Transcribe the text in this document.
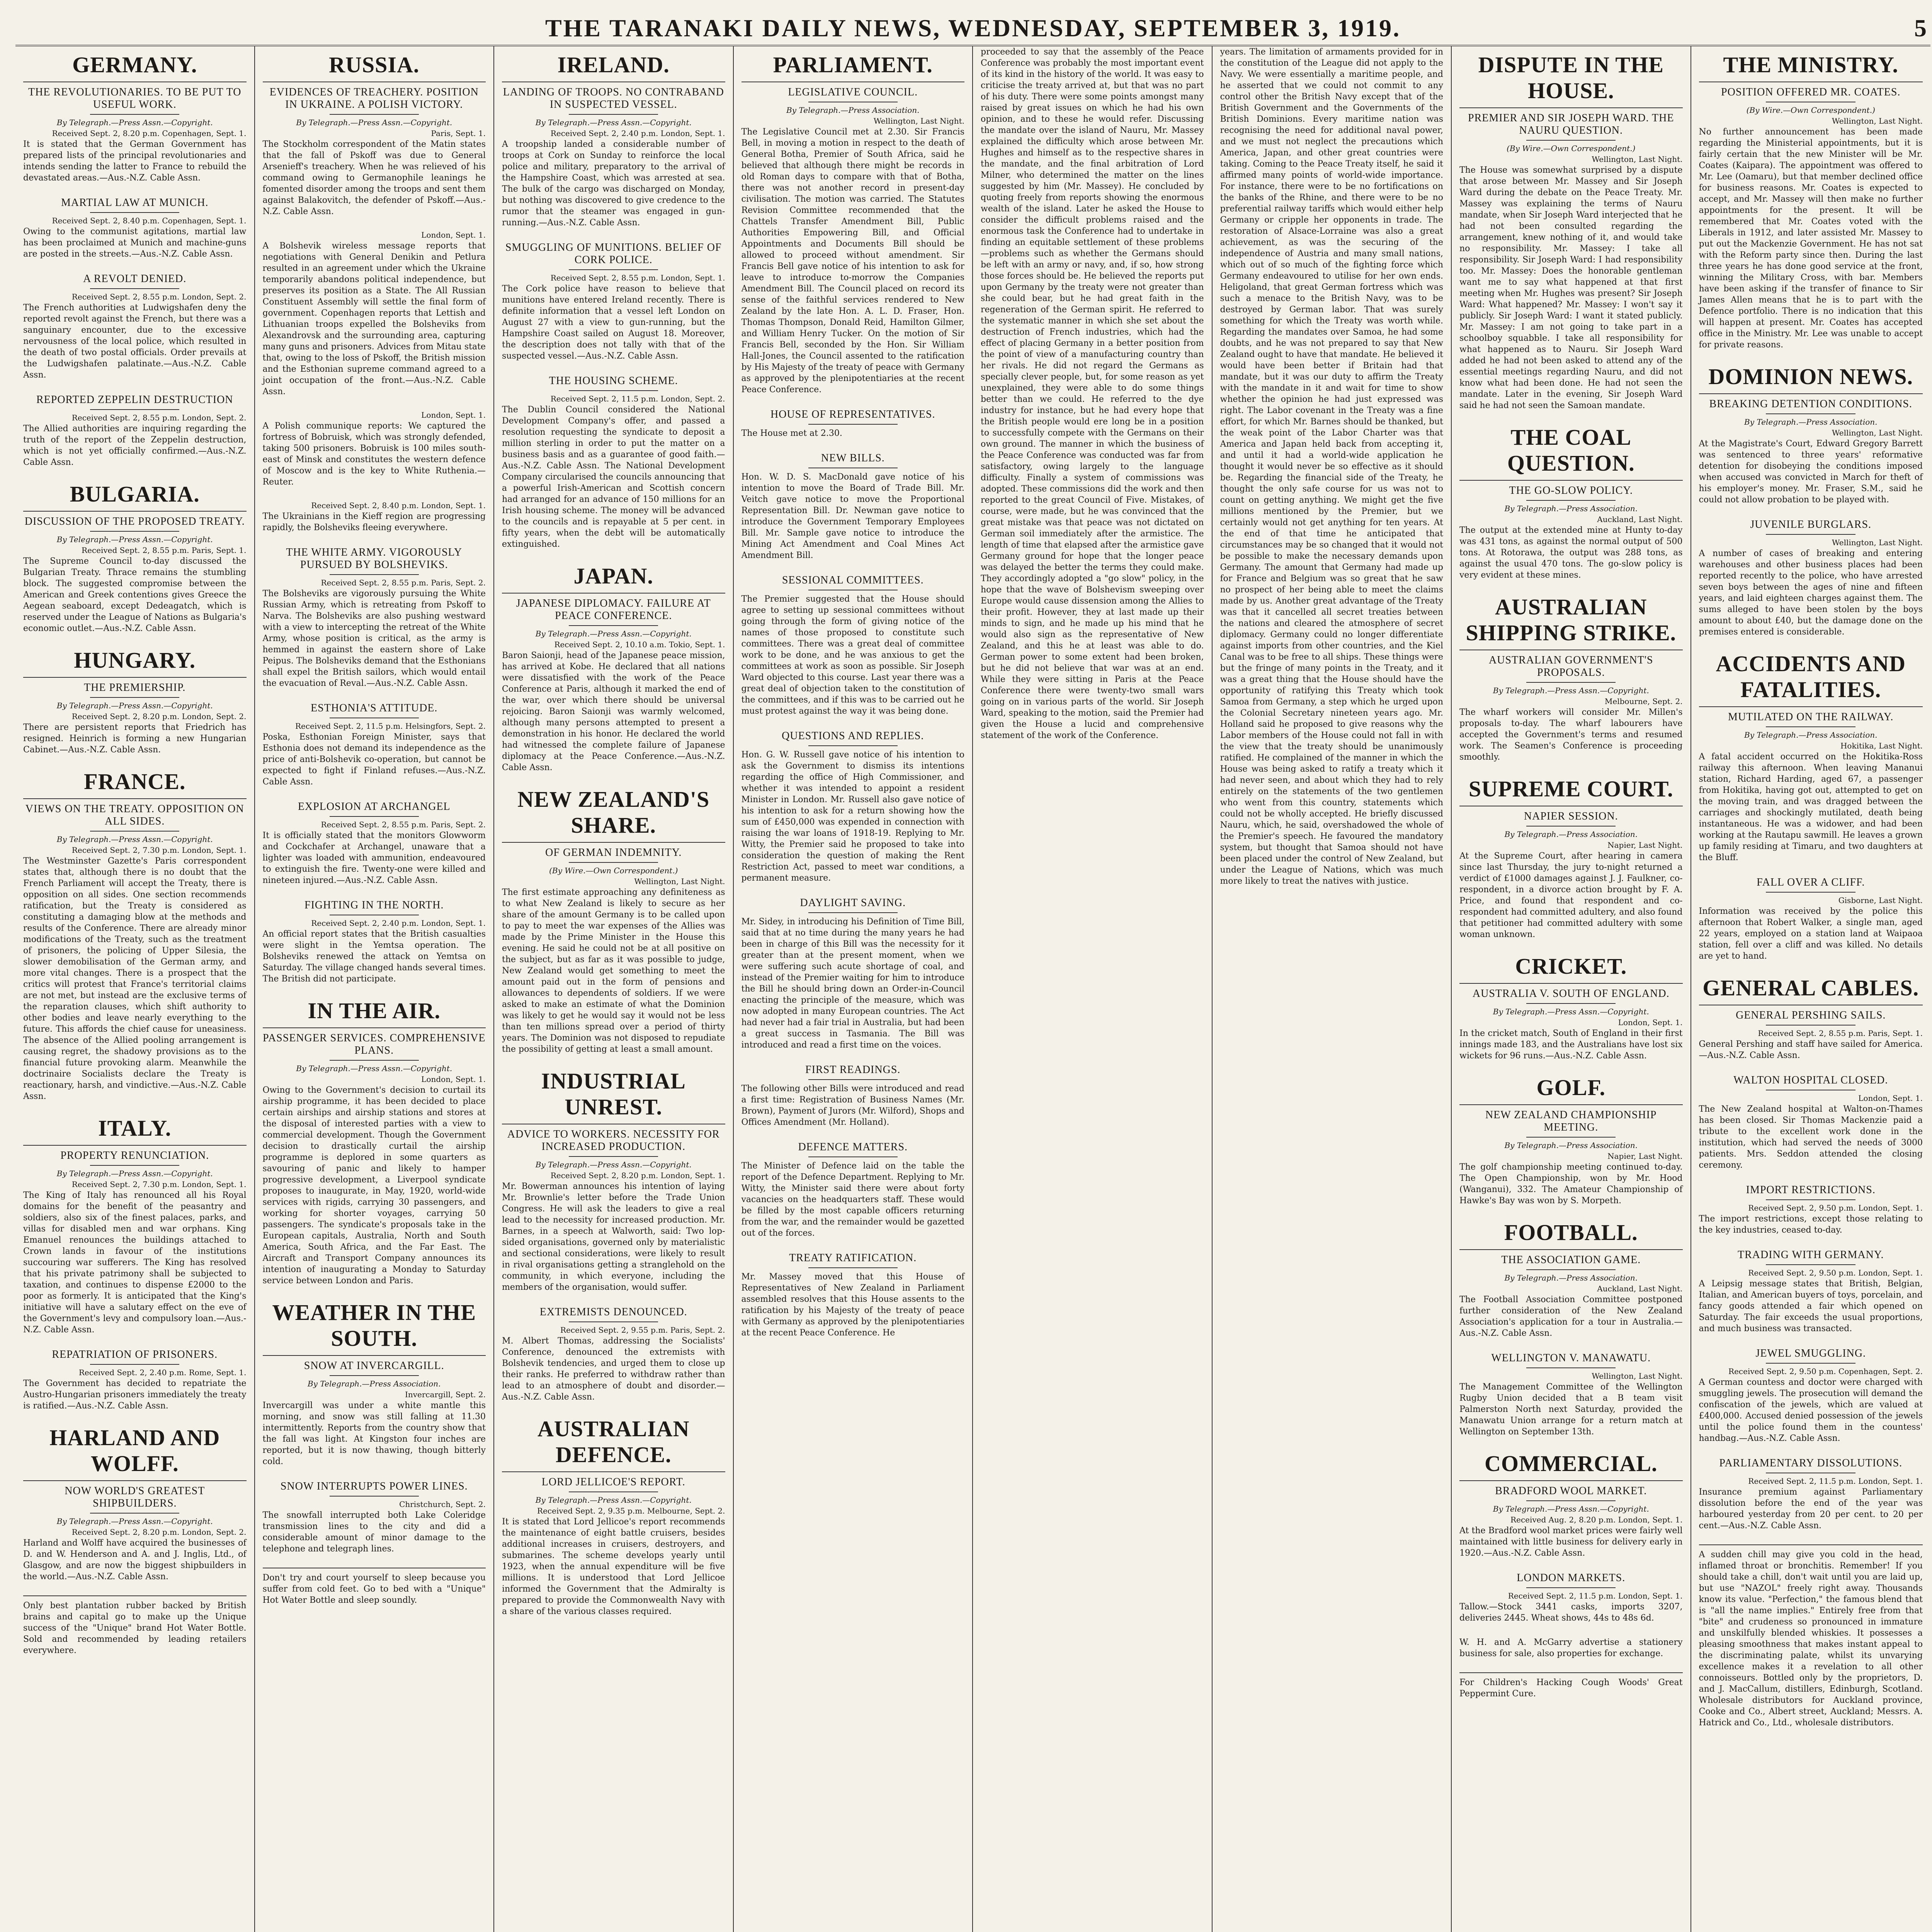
THE TARANAKI DAILY NEWS, WEDNESDAY, SEPTEMBER 3, 1919.	5
GERMANY.
THE REVOLUTIONARIES. TO BE PUT TO USEFUL WORK.
By Telegraph.—Press Assn.—Copyright.
Received Sept. 2, 8.20 p.m. Copenhagen, Sept. 1.
It is stated that the German Government has prepared lists of the principal revolutionaries and intends sending the latter to France to rebuild the devastated areas.—Aus.-N.Z. Cable Assn.
MARTIAL LAW AT MUNICH.
Received Sept. 2, 8.40 p.m. Copenhagen, Sept. 1.
Owing to the communist agitations, martial law has been proclaimed at Munich and machine-guns are posted in the streets.—Aus.-N.Z. Cable Assn.
A REVOLT DENIED.
Received Sept. 2, 8.55 p.m. London, Sept. 2.
The French authorities at Ludwigshafen deny the reported revolt against the French, but there was a sanguinary encounter, due to the excessive nervousness of the local police, which resulted in the death of two postal officials. Order prevails at the Ludwigshafen palatinate.—Aus.-N.Z. Cable Assn.
REPORTED ZEPPELIN DESTRUCTION
Received Sept. 2, 8.55 p.m. London, Sept. 2.
The Allied authorities are inquiring regarding the truth of the report of the Zeppelin destruction, which is not yet officially confirmed.—Aus.-N.Z. Cable Assn.
BULGARIA.
DISCUSSION OF THE PROPOSED TREATY.
By Telegraph.—Press Assn.—Copyright.
Received Sept. 2, 8.55 p.m. Paris, Sept. 1.
The Supreme Council to-day discussed the Bulgarian Treaty. Thrace remains the stumbling block. The suggested compromise between the American and Greek contentions gives Greece the Aegean seaboard, except Dedeagatch, which is reserved under the League of Nations as Bulgaria's economic outlet.—Aus.-N.Z. Cable Assn.
HUNGARY.
THE PREMIERSHIP.
By Telegraph.—Press Assn.—Copyright.
Received Sept. 2, 8.20 p.m. London, Sept. 2.
There are persistent reports that Friedrich has resigned. Heinrich is forming a new Hungarian Cabinet.—Aus.-N.Z. Cable Assn.
FRANCE.
VIEWS ON THE TREATY. OPPOSITION ON ALL SIDES.
By Telegraph.—Press Assn.—Copyright.
Received Sept. 2, 7.30 p.m. London, Sept. 1.
The Westminster Gazette's Paris correspondent states that, although there is no doubt that the French Parliament will accept the Treaty, there is opposition on all sides. One section recommends ratification, but the Treaty is considered as constituting a damaging blow at the methods and results of the Conference. There are already minor modifications of the Treaty, such as the treatment of prisoners, the policing of Upper Silesia, the slower demobilisation of the German army, and more vital changes. There is a prospect that the critics will protest that France's territorial claims are not met, but instead are the exclusive terms of the reparation clauses, which shift authority to other bodies and leave nearly everything to the future. This affords the chief cause for uneasiness. The absence of the Allied pooling arrangement is causing regret, the shadowy provisions as to the financial future provoking alarm. Meanwhile the doctrinaire Socialists declare the Treaty is reactionary, harsh, and vindictive.—Aus.-N.Z. Cable Assn.
ITALY.
PROPERTY RENUNCIATION.
By Telegraph.—Press Assn.—Copyright.
Received Sept. 2, 7.30 p.m. London, Sept. 1.
The King of Italy has renounced all his Royal domains for the benefit of the peasantry and soldiers, also six of the finest palaces, parks, and villas for disabled men and war orphans. King Emanuel renounces the buildings attached to Crown lands in favour of the institutions succouring war sufferers. The King has resolved that his private patrimony shall be subjected to taxation, and continues to dispense £2000 to the poor as formerly. It is anticipated that the King's initiative will have a salutary effect on the eve of the Government's levy and compulsory loan.—Aus.-N.Z. Cable Assn.
REPATRIATION OF PRISONERS.
Received Sept. 2, 2.40 p.m. Rome, Sept. 1.
The Government has decided to repatriate the Austro-Hungarian prisoners immediately the treaty is ratified.—Aus.-N.Z. Cable Assn.
HARLAND AND WOLFF.
NOW WORLD'S GREATEST SHIPBUILDERS.
By Telegraph.—Press Assn.—Copyright.
Received Sept. 2, 8.20 p.m. London, Sept. 2.
Harland and Wolff have acquired the businesses of D. and W. Henderson and A. and J. Inglis, Ltd., of Glasgow, and are now the biggest shipbuilders in the world.—Aus.-N.Z. Cable Assn.
Only best plantation rubber backed by British brains and capital go to make up the Unique success of the "Unique" brand Hot Water Bottle. Sold and recommended by leading retailers everywhere.
RUSSIA.
EVIDENCES OF TREACHERY. POSITION IN UKRAINE. A POLISH VICTORY.
By Telegraph.—Press Assn.—Copyright.
Paris, Sept. 1.
The Stockholm correspondent of the Matin states that the fall of Pskoff was due to General Arsenieff's treachery. When he was relieved of his command owing to Germanophile leanings he fomented disorder among the troops and sent them against Balakovitch, the defender of Pskoff.—Aus.-N.Z. Cable Assn.
London, Sept. 1.
A Bolshevik wireless message reports that negotiations with General Denikin and Petlura resulted in an agreement under which the Ukraine temporarily abandons political independence, but preserves its position as a State. The All Russian Constituent Assembly will settle the final form of government. Copenhagen reports that Lettish and Lithuanian troops expelled the Bolsheviks from Alexandrovsk and the surrounding area, capturing many guns and prisoners. Advices from Mitau state that, owing to the loss of Pskoff, the British mission and the Esthonian supreme command agreed to a joint occupation of the front.—Aus.-N.Z. Cable Assn.
London, Sept. 1.
A Polish communique reports: We captured the fortress of Bobruisk, which was strongly defended, taking 500 prisoners. Bobruisk is 100 miles south-east of Minsk and constitutes the western defence of Moscow and is the key to White Ruthenia.—Reuter.
Received Sept. 2, 8.40 p.m. London, Sept. 1.
The Ukrainians in the Kieff region are progressing rapidly, the Bolsheviks fleeing everywhere.
THE WHITE ARMY. VIGOROUSLY PURSUED BY BOLSHEVIKS.
Received Sept. 2, 8.55 p.m. Paris, Sept. 2.
The Bolsheviks are vigorously pursuing the White Russian Army, which is retreating from Pskoff to Narva. The Bolsheviks are also pushing westward with a view to intercepting the retreat of the White Army, whose position is critical, as the army is hemmed in against the eastern shore of Lake Peipus. The Bolsheviks demand that the Esthonians shall expel the British sailors, which would entail the evacuation of Reval.—Aus.-N.Z. Cable Assn.
ESTHONIA'S ATTITUDE.
Received Sept. 2, 11.5 p.m. Helsingfors, Sept. 2.
Poska, Esthonian Foreign Minister, says that Esthonia does not demand its independence as the price of anti-Bolshevik co-operation, but cannot be expected to fight if Finland refuses.—Aus.-N.Z. Cable Assn.
EXPLOSION AT ARCHANGEL
Received Sept. 2, 8.55 p.m. Paris, Sept. 2.
It is officially stated that the monitors Glowworm and Cockchafer at Archangel, unaware that a lighter was loaded with ammunition, endeavoured to extinguish the fire. Twenty-one were killed and nineteen injured.—Aus.-N.Z. Cable Assn.
FIGHTING IN THE NORTH.
Received Sept. 2, 2.40 p.m. London, Sept. 1.
An official report states that the British casualties were slight in the Yemtsa operation. The Bolsheviks renewed the attack on Yemtsa on Saturday. The village changed hands several times. The British did not participate.
IN THE AIR.
PASSENGER SERVICES. COMPREHENSIVE PLANS.
By Telegraph.—Press Assn.—Copyright.
London, Sept. 1.
Owing to the Government's decision to curtail its airship programme, it has been decided to place certain airships and airship stations and stores at the disposal of interested parties with a view to commercial development. Though the Government decision to drastically curtail the airship programme is deplored in some quarters as savouring of panic and likely to hamper progressive development, a Liverpool syndicate proposes to inaugurate, in May, 1920, world-wide services with rigids, carrying 30 passengers, and working for shorter voyages, carrying 50 passengers. The syndicate's proposals take in the European capitals, Australia, North and South America, South Africa, and the Far East. The Aircraft and Transport Company announces its intention of inaugurating a Monday to Saturday service between London and Paris.
WEATHER IN THE SOUTH.
SNOW AT INVERCARGILL.
By Telegraph.—Press Association.
Invercargill, Sept. 2.
Invercargill was under a white mantle this morning, and snow was still falling at 11.30 intermittently. Reports from the country show that the fall was light. At Kingston four inches are reported, but it is now thawing, though bitterly cold.
SNOW INTERRUPTS POWER LINES.
Christchurch, Sept. 2.
The snowfall interrupted both Lake Coleridge transmission lines to the city and did a considerable amount of minor damage to the telephone and telegraph lines.
Don't try and court yourself to sleep because you suffer from cold feet. Go to bed with a "Unique" Hot Water Bottle and sleep soundly.
IRELAND.
LANDING OF TROOPS. NO CONTRABAND IN SUSPECTED VESSEL.
By Telegraph.—Press Assn.—Copyright.
Received Sept. 2, 2.40 p.m. London, Sept. 1.
A troopship landed a considerable number of troops at Cork on Sunday to reinforce the local police and military, preparatory to the arrival of the Hampshire Coast, which was arrested at sea. The bulk of the cargo was discharged on Monday, but nothing was discovered to give credence to the rumor that the steamer was engaged in gun-running.—Aus.-N.Z. Cable Assn.
SMUGGLING OF MUNITIONS. BELIEF OF CORK POLICE.
Received Sept. 2, 8.55 p.m. London, Sept. 1.
The Cork police have reason to believe that munitions have entered Ireland recently. There is definite information that a vessel left London on August 27 with a view to gun-running, but the Hampshire Coast sailed on August 18. Moreover, the description does not tally with that of the suspected vessel.—Aus.-N.Z. Cable Assn.
THE HOUSING SCHEME.
Received Sept. 2, 11.5 p.m. London, Sept. 2.
The Dublin Council considered the National Development Company's offer, and passed a resolution requesting the syndicate to deposit a million sterling in order to put the matter on a business basis and as a guarantee of good faith.—Aus.-N.Z. Cable Assn. The National Development Company circularised the councils announcing that a powerful Irish-American and Scottish concern had arranged for an advance of 150 millions for an Irish housing scheme. The money will be advanced to the councils and is repayable at 5 per cent. in fifty years, when the debt will be automatically extinguished.
JAPAN.
JAPANESE DIPLOMACY. FAILURE AT PEACE CONFERENCE.
By Telegraph.—Press Assn.—Copyright.
Received Sept. 2, 10.10 a.m. Tokio, Sept. 1.
Baron Saionji, head of the Japanese peace mission, has arrived at Kobe. He declared that all nations were dissatisfied with the work of the Peace Conference at Paris, although it marked the end of the war, over which there should be universal rejoicing. Baron Saionji was warmly welcomed, although many persons attempted to present a demonstration in his honor. He declared the world had witnessed the complete failure of Japanese diplomacy at the Peace Conference.—Aus.-N.Z. Cable Assn.
NEW ZEALAND'S SHARE.
OF GERMAN INDEMNITY.
(By Wire.—Own Correspondent.)
Wellington, Last Night.
The first estimate approaching any definiteness as to what New Zealand is likely to secure as her share of the amount Germany is to be called upon to pay to meet the war expenses of the Allies was made by the Prime Minister in the House this evening. He said he could not be at all positive on the subject, but as far as it was possible to judge, New Zealand would get something to meet the amount paid out in the form of pensions and allowances to dependents of soldiers. If we were asked to make an estimate of what the Dominion was likely to get he would say it would not be less than ten millions spread over a period of thirty years. The Dominion was not disposed to repudiate the possibility of getting at least a small amount.
INDUSTRIAL UNREST.
ADVICE TO WORKERS. NECESSITY FOR INCREASED PRODUCTION.
By Telegraph.—Press Assn.—Copyright.
Received Sept. 2, 8.20 p.m. London, Sept. 1.
Mr. Bowerman announces his intention of laying Mr. Brownlie's letter before the Trade Union Congress. He will ask the leaders to give a real lead to the necessity for increased production. Mr. Barnes, in a speech at Walworth, said: Two lop-sided organisations, governed only by materialistic and sectional considerations, were likely to result in rival organisations getting a stranglehold on the community, in which everyone, including the members of the organisation, would suffer.
EXTREMISTS DENOUNCED.
Received Sept. 2, 9.55 p.m. Paris, Sept. 2.
M. Albert Thomas, addressing the Socialists' Conference, denounced the extremists with Bolshevik tendencies, and urged them to close up their ranks. He preferred to withdraw rather than lead to an atmosphere of doubt and disorder.—Aus.-N.Z. Cable Assn.
AUSTRALIAN DEFENCE.
LORD JELLICOE'S REPORT.
By Telegraph.—Press Assn.—Copyright.
Received Sept. 2, 9.35 p.m. Melbourne, Sept. 2.
It is stated that Lord Jellicoe's report recommends the maintenance of eight battle cruisers, besides additional increases in cruisers, destroyers, and submarines. The scheme develops yearly until 1923, when the annual expenditure will be five millions. It is understood that Lord Jellicoe informed the Government that the Admiralty is prepared to provide the Commonwealth Navy with a share of the various classes required.
PARLIAMENT.
LEGISLATIVE COUNCIL.
By Telegraph.—Press Association.
Wellington, Last Night.
The Legislative Council met at 2.30. Sir Francis Bell, in moving a motion in respect to the death of General Botha, Premier of South Africa, said he believed that although there might be records in old Roman days to compare with that of Botha, there was not another record in present-day civilisation. The motion was carried. The Statutes Revision Committee recommended that the Chattels Transfer Amendment Bill, Public Authorities Empowering Bill, and Official Appointments and Documents Bill should be allowed to proceed without amendment. Sir Francis Bell gave notice of his intention to ask for leave to introduce to-morrow the Companies Amendment Bill. The Council placed on record its sense of the faithful services rendered to New Zealand by the late Hon. A. L. D. Fraser, Hon. Thomas Thompson, Donald Reid, Hamilton Gilmer, and William Henry Tucker. On the motion of Sir Francis Bell, seconded by the Hon. Sir William Hall-Jones, the Council assented to the ratification by His Majesty of the treaty of peace with Germany as approved by the plenipotentiaries at the recent Peace Conference.
HOUSE OF REPRESENTATIVES.
The House met at 2.30.
NEW BILLS.
Hon. W. D. S. MacDonald gave notice of his intention to move the Board of Trade Bill. Mr. Veitch gave notice to move the Proportional Representation Bill. Dr. Newman gave notice to introduce the Government Temporary Employees Bill. Mr. Sample gave notice to introduce the Mining Act Amendment and Coal Mines Act Amendment Bill.
SESSIONAL COMMITTEES.
The Premier suggested that the House should agree to setting up sessional committees without going through the form of giving notice of the names of those proposed to constitute such committees. There was a great deal of committee work to be done, and he was anxious to get the committees at work as soon as possible. Sir Joseph Ward objected to this course. Last year there was a great deal of objection taken to the constitution of the committees, and if this was to be carried out he must protest against the way it was being done.
QUESTIONS AND REPLIES.
Hon. G. W. Russell gave notice of his intention to ask the Government to dismiss its intentions regarding the office of High Commissioner, and whether it was intended to appoint a resident Minister in London. Mr. Russell also gave notice of his intention to ask for a return showing how the sum of £450,000 was expended in connection with raising the war loans of 1918-19. Replying to Mr. Witty, the Premier said he proposed to take into consideration the question of making the Rent Restriction Act, passed to meet war conditions, a permanent measure.
DAYLIGHT SAVING.
Mr. Sidey, in introducing his Definition of Time Bill, said that at no time during the many years he had been in charge of this Bill was the necessity for it greater than at the present moment, when we were suffering such acute shortage of coal, and instead of the Premier waiting for him to introduce the Bill he should bring down an Order-in-Council enacting the principle of the measure, which was now adopted in many European countries. The Act had never had a fair trial in Australia, but had been a great success in Tasmania. The Bill was introduced and read a first time on the voices.
FIRST READINGS.
The following other Bills were introduced and read a first time: Registration of Business Names (Mr. Brown), Payment of Jurors (Mr. Wilford), Shops and Offices Amendment (Mr. Holland).
DEFENCE MATTERS.
The Minister of Defence laid on the table the report of the Defence Department. Replying to Mr. Witty, the Minister said there were about forty vacancies on the headquarters staff. These would be filled by the most capable officers returning from the war, and the remainder would be gazetted out of the forces.
TREATY RATIFICATION.
Mr. Massey moved that this House of Representatives of New Zealand in Parliament assembled resolves that this House assents to the ratification by his Majesty of the treaty of peace with Germany as approved by the plenipotentiaries at the recent Peace Conference. He
proceeded to say that the assembly of the Peace Conference was probably the most important event of its kind in the history of the world. It was easy to criticise the treaty arrived at, but that was no part of his duty. There were some points amongst many raised by great issues on which he had his own opinion, and to these he would refer. Discussing the mandate over the island of Nauru, Mr. Massey explained the difficulty which arose between Mr. Hughes and himself as to the respective shares in the mandate, and the final arbitration of Lord Milner, who determined the matter on the lines suggested by him (Mr. Massey). He concluded by quoting freely from reports showing the enormous wealth of the island. Later he asked the House to consider the difficult problems raised and the enormous task the Conference had to undertake in finding an equitable settlement of these problems—problems such as whether the Germans should be left with an army or navy, and, if so, how strong those forces should be. He believed the reports put upon Germany by the treaty were not greater than she could bear, but he had great faith in the regeneration of the German spirit. He referred to the systematic manner in which she set about the destruction of French industries, which had the effect of placing Germany in a better position from the point of view of a manufacturing country than her rivals. He did not regard the Germans as specially clever people, but, for some reason as yet unexplained, they were able to do some things better than we could. He referred to the dye industry for instance, but he had every hope that the British people would ere long be in a position to successfully compete with the Germans on their own ground. The manner in which the business of the Peace Conference was conducted was far from satisfactory, owing largely to the language difficulty. Finally a system of commissions was adopted. These commissions did the work and then reported to the great Council of Five. Mistakes, of course, were made, but he was convinced that the great mistake was that peace was not dictated on German soil immediately after the armistice. The length of time that elapsed after the armistice gave Germany ground for hope that the longer peace was delayed the better the terms they could make. They accordingly adopted a "go slow" policy, in the hope that the wave of Bolshevism sweeping over Europe would cause dissension among the Allies to their profit. However, they at last made up their minds to sign, and he made up his mind that he would also sign as the representative of New Zealand, and this he at least was able to do. German power to some extent had been broken, but he did not believe that war was at an end. While they were sitting in Paris at the Peace Conference there were twenty-two small wars going on in various parts of the world. Sir Joseph Ward, speaking to the motion, said the Premier had given the House a lucid and comprehensive statement of the work of the Conference.
years. The limitation of armaments provided for in the constitution of the League did not apply to the Navy. We were essentially a maritime people, and he asserted that we could not commit to any control other the British Navy except that of the British Government and the Governments of the British Dominions. Every maritime nation was recognising the need for additional naval power, and we must not neglect the precautions which America, Japan, and other great countries were taking. Coming to the Peace Treaty itself, he said it affirmed many points of world-wide importance. For instance, there were to be no fortifications on the banks of the Rhine, and there were to be no preferential railway tariffs which would either help Germany or cripple her opponents in trade. The restoration of Alsace-Lorraine was also a great achievement, as was the securing of the independence of Austria and many small nations, which out of so much of the fighting force which Germany endeavoured to utilise for her own ends. Heligoland, that great German fortress which was such a menace to the British Navy, was to be destroyed by German labor. That was surely something for which the Treaty was worth while. Regarding the mandates over Samoa, he had some doubts, and he was not prepared to say that New Zealand ought to have that mandate. He believed it would have been better if Britain had that mandate, but it was our duty to affirm the Treaty with the mandate in it and wait for time to show whether the opinion he had just expressed was right. The Labor covenant in the Treaty was a fine effort, for which Mr. Barnes should be thanked, but the weak point of the Labor Charter was that America and Japan held back from accepting it, and until it had a world-wide application he thought it would never be so effective as it should be. Regarding the financial side of the Treaty, he thought the only safe course for us was not to count on getting anything. We might get the five millions mentioned by the Premier, but we certainly would not get anything for ten years. At the end of that time he anticipated that circumstances may be so changed that it would not be possible to make the necessary demands upon Germany. The amount that Germany had made up for France and Belgium was so great that he saw no prospect of her being able to meet the claims made by us. Another great advantage of the Treaty was that it cancelled all secret treaties between the nations and cleared the atmosphere of secret diplomacy. Germany could no longer differentiate against imports from other countries, and the Kiel Canal was to be free to all ships. These things were but the fringe of many points in the Treaty, and it was a great thing that the House should have the opportunity of ratifying this Treaty which took Samoa from Germany, a step which he urged upon the Colonial Secretary nineteen years ago. Mr. Holland said he proposed to give reasons why the Labor members of the House could not fall in with the view that the treaty should be unanimously ratified. He complained of the manner in which the House was being asked to ratify a treaty which it had never seen, and about which they had to rely entirely on the statements of the two gentlemen who went from this country, statements which could not be wholly accepted. He briefly discussed Nauru, which, he said, overshadowed the whole of the Premier's speech. He favoured the mandatory system, but thought that Samoa should not have been placed under the control of New Zealand, but under the League of Nations, which was much more likely to treat the natives with justice.
DISPUTE IN THE HOUSE.
PREMIER AND SIR JOSEPH WARD. THE NAURU QUESTION.
(By Wire.—Own Correspondent.)
Wellington, Last Night.
The House was somewhat surprised by a dispute that arose between Mr. Massey and Sir Joseph Ward during the debate on the Peace Treaty. Mr. Massey was explaining the terms of Nauru mandate, when Sir Joseph Ward interjected that he had not been consulted regarding the arrangement, knew nothing of it, and would take no responsibility. Mr. Massey: I take all responsibility. Sir Joseph Ward: I had responsibility too. Mr. Massey: Does the honorable gentleman want me to say what happened at that first meeting when Mr. Hughes was present? Sir Joseph Ward: What happened? Mr. Massey: I won't say it publicly. Sir Joseph Ward: I want it stated publicly. Mr. Massey: I am not going to take part in a schoolboy squabble. I take all responsibility for what happened as to Nauru. Sir Joseph Ward added he had not been asked to attend any of the essential meetings regarding Nauru, and did not know what had been done. He had not seen the mandate. Later in the evening, Sir Joseph Ward said he had not seen the Samoan mandate.
THE COAL QUESTION.
THE GO-SLOW POLICY.
By Telegraph.—Press Association.
Auckland, Last Night.
The output at the extended mine at Hunty to-day was 431 tons, as against the normal output of 500 tons. At Rotorawa, the output was 288 tons, as against the usual 470 tons. The go-slow policy is very evident at these mines.
AUSTRALIAN SHIPPING STRIKE.
AUSTRALIAN GOVERNMENT'S PROPOSALS.
By Telegraph.—Press Assn.—Copyright.
Melbourne, Sept. 2.
The wharf workers will consider Mr. Millen's proposals to-day. The wharf labourers have accepted the Government's terms and resumed work. The Seamen's Conference is proceeding smoothly.
SUPREME COURT.
NAPIER SESSION.
By Telegraph.—Press Association.
Napier, Last Night.
At the Supreme Court, after hearing in camera since last Thursday, the jury to-night returned a verdict of £1000 damages against J. J. Faulkner, co-respondent, in a divorce action brought by F. A. Price, and found that respondent and co-respondent had committed adultery, and also found that petitioner had committed adultery with some woman unknown.
CRICKET.
AUSTRALIA V. SOUTH OF ENGLAND.
By Telegraph.—Press Assn.—Copyright.
London, Sept. 1.
In the cricket match, South of England in their first innings made 183, and the Australians have lost six wickets for 96 runs.—Aus.-N.Z. Cable Assn.
GOLF.
NEW ZEALAND CHAMPIONSHIP MEETING.
By Telegraph.—Press Association.
Napier, Last Night.
The golf championship meeting continued to-day. The Open Championship, won by Mr. Hood (Wanganui), 332. The Amateur Championship of Hawke's Bay was won by S. Morpeth.
FOOTBALL.
THE ASSOCIATION GAME.
By Telegraph.—Press Association.
Auckland, Last Night.
The Football Association Committee postponed further consideration of the New Zealand Association's application for a tour in Australia.—Aus.-N.Z. Cable Assn.
WELLINGTON V. MANAWATU.
Wellington, Last Night.
The Management Committee of the Wellington Rugby Union decided that a B team visit Palmerston North next Saturday, provided the Manawatu Union arrange for a return match at Wellington on September 13th.
COMMERCIAL.
BRADFORD WOOL MARKET.
By Telegraph.—Press Assn.—Copyright.
Received Aug. 2, 8.20 p.m. London, Sept. 1.
At the Bradford wool market prices were fairly well maintained with little business for delivery early in 1920.—Aus.-N.Z. Cable Assn.
LONDON MARKETS.
Received Sept. 2, 11.5 p.m. London, Sept. 1.
Tallow.—Stock 3441 casks, imports 3207, deliveries 2445. Wheat shows, 44s to 48s 6d.
W. H. and A. McGarry advertise a stationery business for sale, also properties for exchange.
For Children's Hacking Cough Woods' Great Peppermint Cure.
THE MINISTRY.
POSITION OFFERED MR. COATES.
(By Wire.—Own Correspondent.)
Wellington, Last Night.
No further announcement has been made regarding the Ministerial appointments, but it is fairly certain that the new Minister will be Mr. Coates (Kaipara). The appointment was offered to Mr. Lee (Oamaru), but that member declined office for business reasons. Mr. Coates is expected to accept, and Mr. Massey will then make no further appointments for the present. It will be remembered that Mr. Coates voted with the Liberals in 1912, and later assisted Mr. Massey to put out the Mackenzie Government. He has not sat with the Reform party since then. During the last three years he has done good service at the front, winning the Military Cross, with bar. Members have been asking if the transfer of finance to Sir James Allen means that he is to part with the Defence portfolio. There is no indication that this will happen at present. Mr. Coates has accepted office in the Ministry. Mr. Lee was unable to accept for private reasons.
DOMINION NEWS.
BREAKING DETENTION CONDITIONS.
By Telegraph.—Press Association.
Wellington, Last Night.
At the Magistrate's Court, Edward Gregory Barrett was sentenced to three years' reformative detention for disobeying the conditions imposed when accused was convicted in March for theft of his employer's money. Mr. Fraser, S.M., said he could not allow probation to be played with.
JUVENILE BURGLARS.
Wellington, Last Night.
A number of cases of breaking and entering warehouses and other business places had been reported recently to the police, who have arrested seven boys between the ages of nine and fifteen years, and laid eighteen charges against them. The sums alleged to have been stolen by the boys amount to about £40, but the damage done on the premises entered is considerable.
ACCIDENTS AND FATALITIES.
MUTILATED ON THE RAILWAY.
By Telegraph.—Press Association.
Hokitika, Last Night.
A fatal accident occurred on the Hokitika-Ross railway this afternoon. When leaving Mananui station, Richard Harding, aged 67, a passenger from Hokitika, having got out, attempted to get on the moving train, and was dragged between the carriages and shockingly mutilated, death being instantaneous. He was a widower, and had been working at the Rautapu sawmill. He leaves a grown up family residing at Timaru, and two daughters at the Bluff.
FALL OVER A CLIFF.
Gisborne, Last Night.
Information was received by the police this afternoon that Robert Walker, a single man, aged 22 years, employed on a station land at Waipaoa station, fell over a cliff and was killed. No details are yet to hand.
GENERAL CABLES.
GENERAL PERSHING SAILS.
Received Sept. 2, 8.55 p.m. Paris, Sept. 1.
General Pershing and staff have sailed for America.—Aus.-N.Z. Cable Assn.
WALTON HOSPITAL CLOSED.
London, Sept. 1.
The New Zealand hospital at Walton-on-Thames has been closed. Sir Thomas Mackenzie paid a tribute to the excellent work done in the institution, which had served the needs of 3000 patients. Mrs. Seddon attended the closing ceremony.
IMPORT RESTRICTIONS.
Received Sept. 2, 9.50 p.m. London, Sept. 1.
The import restrictions, except those relating to the key industries, ceased to-day.
TRADING WITH GERMANY.
Received Sept. 2, 9.50 p.m. London, Sept. 1.
A Leipsig message states that British, Belgian, Italian, and American buyers of toys, porcelain, and fancy goods attended a fair which opened on Saturday. The fair exceeds the usual proportions, and much business was transacted.
JEWEL SMUGGLING.
Received Sept. 2, 9.50 p.m. Copenhagen, Sept. 2.
A German countess and doctor were charged with smuggling jewels. The prosecution will demand the confiscation of the jewels, which are valued at £400,000. Accused denied possession of the jewels until the police found them in the countess' handbag.—Aus.-N.Z. Cable Assn.
PARLIAMENTARY DISSOLUTIONS.
Received Sept. 2, 11.5 p.m. London, Sept. 1.
Insurance premium against Parliamentary dissolution before the end of the year was harboured yesterday from 20 per cent. to 20 per cent.—Aus.-N.Z. Cable Assn.
A sudden chill may give you cold in the head, inflamed throat or bronchitis. Remember! If you should take a chill, don't wait until you are laid up, but use "NAZOL" freely right away. Thousands know its value. "Perfection," the famous blend that is "all the name implies." Entirely free from that "bite" and crudeness so pronounced in immature and unskilfully blended whiskies. It possesses a pleasing smoothness that makes instant appeal to the discriminating palate, whilst its unvarying excellence makes it a revelation to all other connoisseurs. Bottled only by the proprietors, D. and J. MacCallum, distillers, Edinburgh, Scotland. Wholesale distributors for Auckland province, Cooke and Co., Albert street, Auckland; Messrs. A. Hatrick and Co., Ltd., wholesale distributors.
